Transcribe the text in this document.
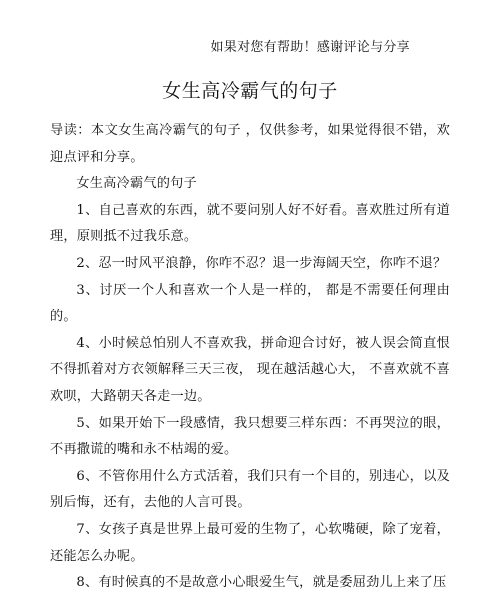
如果对您有帮助！感谢评论与分享
女生高冷霸气的句子

导读：本文女生高冷霸气的句子 ，仅供参考，如果觉得很不错，欢迎点评和分享。

女生高冷霸气的句子

1、自己喜欢的东西，就不要问别人好不好看。喜欢胜过所有道理，原则抵不过我乐意。

2、忍一时风平浪静，你咋不忍？退一步海阔天空，你咋不退？

3、讨厌一个人和喜欢一个人是一样的， 都是不需要任何理由的。

4、小时候总怕别人不喜欢我，拼命迎合讨好，被人误会简直恨不得抓着对方衣领解释三天三夜， 现在越活越心大， 不喜欢就不喜欢呗，大路朝天各走一边。

5、如果开始下一段感情，我只想要三样东西：不再哭泣的眼，不再撒谎的嘴和永不枯竭的爱。

6、不管你用什么方式活着，我们只有一个目的，别违心，以及别后悔，还有，去他的人言可畏。

7、女孩子真是世界上最可爱的生物了，心软嘴硬，除了宠着，还能怎么办呢。

8、有时候真的不是故意小心眼爱生气，就是委屈劲儿上来了压
